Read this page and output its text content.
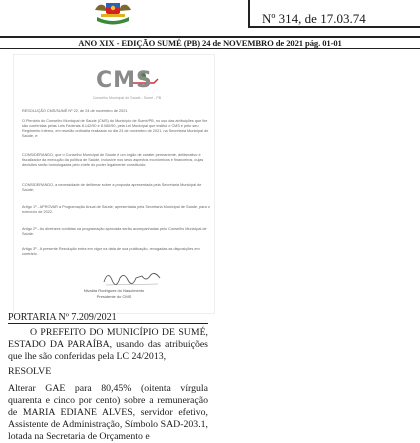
Nº 314, de 17.03.74
ANO XIX - EDIÇÃO SUMÉ (PB) 24 de NOVEMBRO de 2021 pág. 01-01
CMS
Conselho Municipal de Saúde - Sumé - PB

RESOLUÇÃO CMS/SUMÉ Nº 22, de 24 de novembro de 2021

O Plenário do Conselho Municipal de Saúde (CMS) do Município de Sumé/PB, no uso das atribuições que lhe são conferidas pelas Leis Federais 8.142/90 e 8.080/90, pela Lei Municipal que institui o CMS e pelo seu Regimento Interno, em reunião ordinária realizada no dia 24 de novembro de 2021, na Secretaria Municipal de Saúde, e:

CONSIDERANDO, que o Conselho Municipal de Saúde é um órgão de caráter permanente, deliberativo e fiscalizador da execução da política de Saúde, inclusive nos seus aspectos econômicos e financeiros, cujas decisões serão homologadas pelo chefe do poder legalmente constituído;

CONSIDERANDO, a necessidade de deliberar sobre a proposta apresentada pela Secretaria Municipal de Saúde;

Artigo 1º - APROVAR a Programação Anual de Saúde, apresentada pela Secretaria Municipal de Saúde, para o exercício de 2022.

Artigo 2º - As diretrizes contidas na programação aprovada serão acompanhadas pelo Conselho Municipal de Saúde.

Artigo 3º - A presente Resolução entra em vigor na data de sua publicação, revogadas as disposições em contrário.

Nivalda Rodrigues do Nascimento
Presidente do CMS
PORTARIA Nº 7.209/2021

O PREFEITO DO MUNICÍPIO DE SUMÉ, ESTADO DA PARAÍBA, usando das atribuições que lhe são conferidas pela LC 24/2013,

RESOLVE

Alterar GAE para 80,45% (oitenta vírgula quarenta e cinco por cento) sobre a remuneração de MARIA EDIANE ALVES, servidor efetivo, Assistente de Administração, Símbolo SAD-203.1, lotada na Secretaria de Orçamento e
